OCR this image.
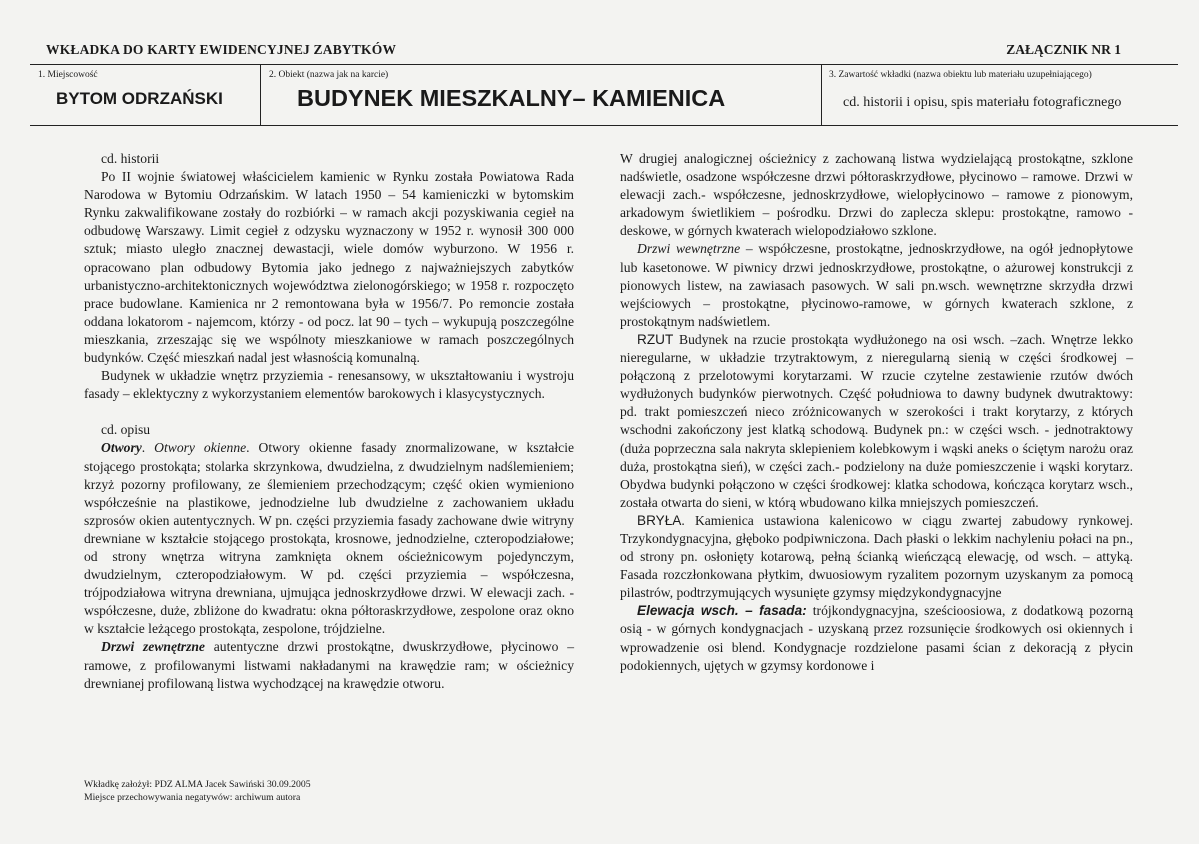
WKŁADKA DO KARTY EWIDENCYJNEJ ZABYTKÓW	ZAŁĄCZNIK NR 1
1. Miejscowość
BYTOM ODRZAŃSKI
2. Obiekt (nazwa jak na karcie)
BUDYNEK MIESZKALNY– KAMIENICA
3. Zawartość wkładki (nazwa obiektu lub materiału uzupełniającego)
cd. historii i opisu, spis materiału fotograficznego

cd. historii

Po II wojnie światowej właścicielem kamienic w Rynku została Powiatowa Rada Narodowa w Bytomiu Odrzańskim. W latach 1950 – 54 kamieniczki w bytomskim Rynku zakwalifikowane zostały do rozbiórki – w ramach akcji pozyskiwania cegieł na odbudowę Warszawy. Limit cegieł z odzysku wyznaczony w 1952 r. wynosił 300 000 sztuk; miasto uległo znacznej dewastacji, wiele domów wyburzono. W 1956 r. opracowano plan odbudowy Bytomia jako jednego z najważniejszych zabytków urbanistyczno-architektonicznych województwa zielonogórskiego; w 1958 r. rozpoczęto prace budowlane. Kamienica nr 2 remontowana była w 1956/7. Po remoncie została oddana lokatorom - najemcom, którzy - od pocz. lat 90 – tych – wykupują poszczególne mieszkania, zrzeszając się we wspólnoty mieszkaniowe w ramach poszczególnych budynków. Część mieszkań nadal jest własnością komunalną.

Budynek w układzie wnętrz przyziemia - renesansowy, w ukształtowaniu i wystroju fasady – eklektyczny z wykorzystaniem elementów barokowych i klasycystycznych.

cd. opisu

Otwory. Otwory okienne. Otwory okienne fasady znormalizowane, w kształcie stojącego prostokąta; stolarka skrzynkowa, dwudzielna, z dwudzielnym nadślemieniem; krzyż pozorny profilowany, ze ślemieniem przechodzącym; część okien wymieniono współcześnie na plastikowe, jednodzielne lub dwudzielne z zachowaniem układu szprosów okien autentycznych. W pn. części przyziemia fasady zachowane dwie witryny drewniane w kształcie stojącego prostokąta, krosnowe, jednodzielne, czteropodziałowe; od strony wnętrza witryna zamknięta oknem ościeżnicowym pojedynczym, dwudzielnym, czteropodziałowym. W pd. części przyziemia – współczesna, trójpodziałowa witryna drewniana, ujmująca jednoskrzydłowe drzwi. W elewacji zach. - współczesne, duże, zbliżone do kwadratu: okna półtoraskrzydłowe, zespolone oraz okno w kształcie leżącego prostokąta, zespolone, trójdzielne.

Drzwi zewnętrzne autentyczne drzwi prostokątne, dwuskrzydłowe, płycinowo – ramowe, z profilowanymi listwami nakładanymi na krawędzie ram; w ościeżnicy drewnianej profilowaną listwa wychodzącej na krawędzie otworu.

W drugiej analogicznej ościeżnicy z zachowaną listwa wydzielającą prostokątne, szklone nadświetle, osadzone współczesne drzwi półtoraskrzydłowe, płycinowo – ramowe. Drzwi w elewacji zach.- współczesne, jednoskrzydłowe, wielopłycinowo – ramowe z pionowym, arkadowym świetlikiem – pośrodku. Drzwi do zaplecza sklepu: prostokątne, ramowo - deskowe, w górnych kwaterach wielopodziałowo szklone.

Drzwi wewnętrzne – współczesne, prostokątne, jednoskrzydłowe, na ogół jednopłytowe lub kasetonowe. W piwnicy drzwi jednoskrzydłowe, prostokątne, o ażurowej konstrukcji z pionowych listew, na zawiasach pasowych. W sali pn.wsch. wewnętrzne skrzydła drzwi wejściowych – prostokątne, płycinowo-ramowe, w górnych kwaterach szklone, z prostokątnym nadświetlem.

RZUT Budynek na rzucie prostokąta wydłużonego na osi wsch. –zach. Wnętrze lekko nieregularne, w układzie trzytraktowym, z nieregularną sienią w części środkowej – połączoną z przelotowymi korytarzami. W rzucie czytelne zestawienie rzutów dwóch wydłużonych budynków pierwotnych. Część południowa to dawny budynek dwutraktowy: pd. trakt pomieszczeń nieco zróżnicowanych w szerokości i trakt korytarzy, z których wschodni zakończony jest klatką schodową. Budynek pn.: w części wsch. - jednotraktowy (duża poprzeczna sala nakryta sklepieniem kolebkowym i wąski aneks o ściętym narożu oraz duża, prostokątna sień), w części zach.- podzielony na duże pomieszczenie i wąski korytarz. Obydwa budynki połączono w części środkowej: klatka schodowa, kończąca korytarz wsch., została otwarta do sieni, w którą wbudowano kilka mniejszych pomieszczeń.

BRYŁA. Kamienica ustawiona kalenicowo w ciągu zwartej zabudowy rynkowej. Trzykondygnacyjna, głęboko podpiwniczona. Dach płaski o lekkim nachyleniu połaci na pn., od strony pn. osłonięty kotarową, pełną ścianką wieńczącą elewację, od wsch. – attyką. Fasada rozczłonkowana płytkim, dwuosiowym ryzalitem pozornym uzyskanym za pomocą pilastrów, podtrzymujących wysunięte gzymsy międzykondygnacyjne

Elewacja wsch. – fasada: trójkondygnacyjna, sześcioosiowa, z dodatkową pozorną osią - w górnych kondygnacjach - uzyskaną przez rozsunięcie środkowych osi okiennych i wprowadzenie osi blend. Kondygnacje rozdzielone pasami ścian z dekoracją z płycin podokiennych, ujętych w gzymsy kordonowe i

Wkładkę założył: PDZ ALMA Jacek Sawiński 30.09.2005
Miejsce przechowywania negatywów: archiwum autora
